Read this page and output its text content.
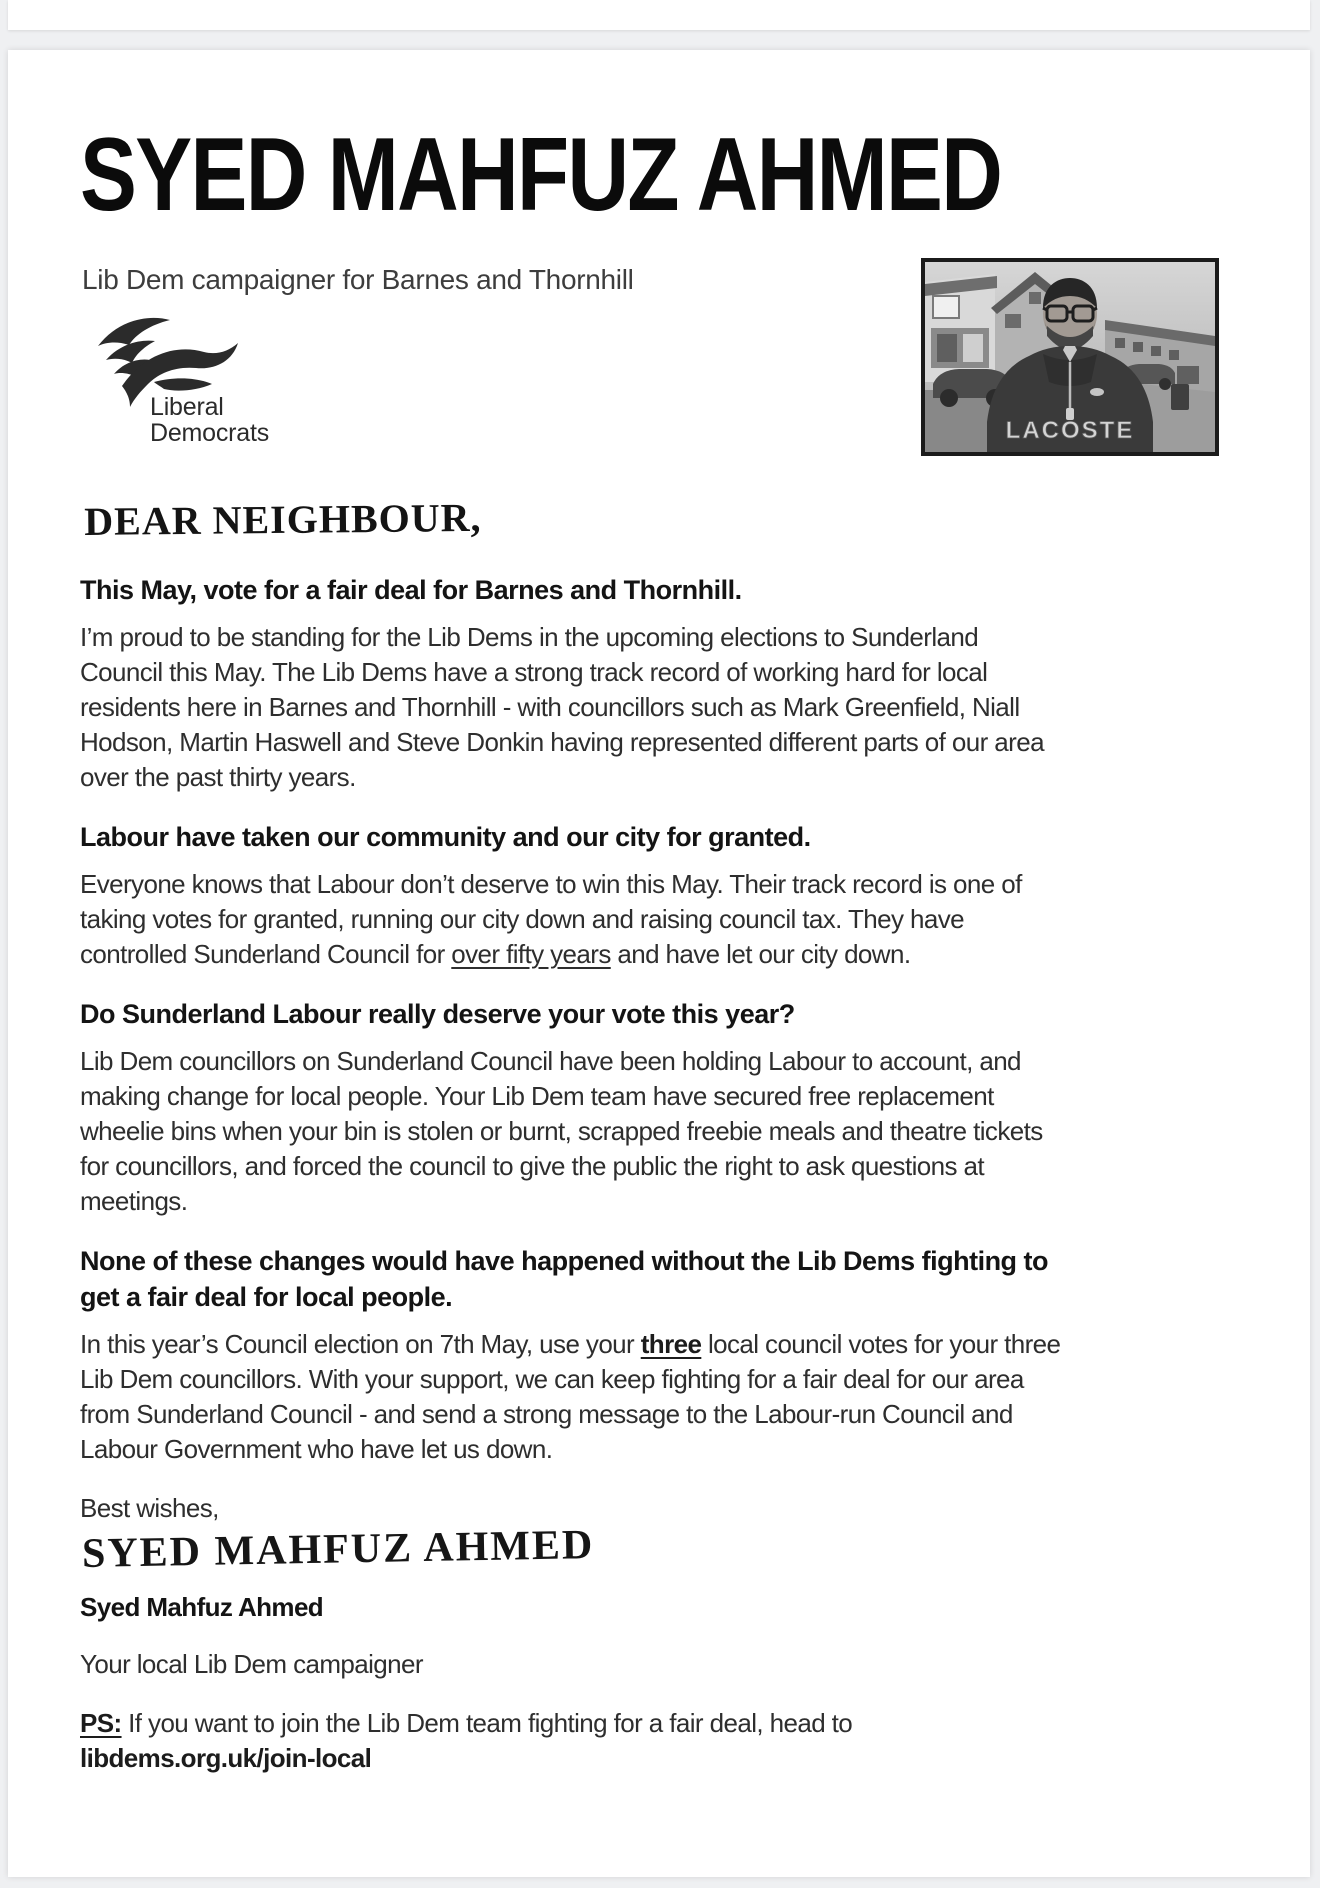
SYED MAHFUZ AHMED
Lib Dem campaigner for Barnes and Thornhill
Liberal
Democrats	LACOSTE
DEAR NEIGHBOUR,
This May, vote for a fair deal for Barnes and Thornhill.

I’m proud to be standing for the Lib Dems in the upcoming elections to Sunderland Council this May. The Lib Dems have a strong track record of working hard for local residents here in Barnes and Thornhill - with councillors such as Mark Greenfield, Niall Hodson, Martin Haswell and Steve Donkin having represented different parts of our area over the past thirty years.

Labour have taken our community and our city for granted.

Everyone knows that Labour don’t deserve to win this May. Their track record is one of taking votes for granted, running our city down and raising council tax. They have controlled Sunderland Council for over fifty years and have let our city down.

Do Sunderland Labour really deserve your vote this year?

Lib Dem councillors on Sunderland Council have been holding Labour to account, and making change for local people. Your Lib Dem team have secured free replacement wheelie bins when your bin is stolen or burnt, scrapped freebie meals and theatre tickets for councillors, and forced the council to give the public the right to ask questions at meetings.

None of these changes would have happened without the Lib Dems fighting to get a fair deal for local people.

In this year’s Council election on 7th May, use your three local council votes for your three Lib Dem councillors. With your support, we can keep fighting for a fair deal for our area from Sunderland Council - and send a strong message to the Labour-run Council and Labour Government who have let us down.

Best wishes,

SYED MAHFUZ AHMED

Syed Mahfuz Ahmed

Your local Lib Dem campaigner

PS: If you want to join the Lib Dem team fighting for a fair deal, head to libdems.org.uk/join-local
